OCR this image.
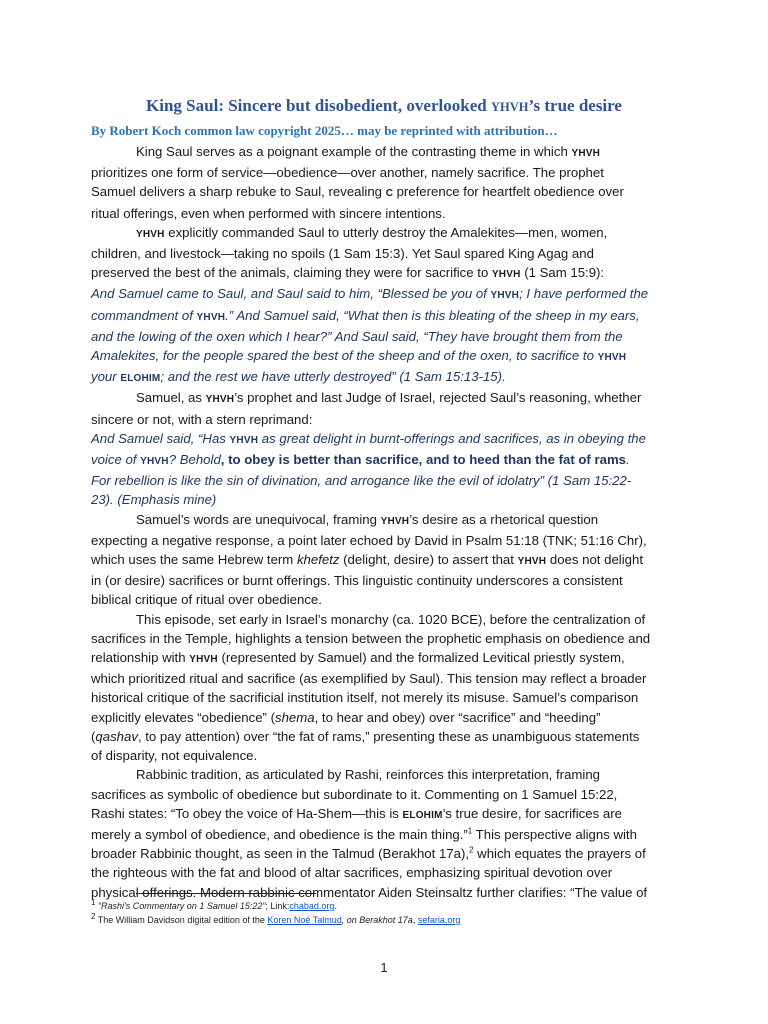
King Saul: Sincere but disobedient, overlooked YHVH’s true desire
By Robert Koch common law copyright 2025… may be reprinted with attribution…

King Saul serves as a poignant example of the contrasting theme in which YHVH prioritizes one form of service—obedience—over another, namely sacrifice. The prophet Samuel delivers a sharp rebuke to Saul, revealing C preference for heartfelt obedience over ritual offerings, even when performed with sincere intentions.

YHVH explicitly commanded Saul to utterly destroy the Amalekites—men, women, children, and livestock—taking no spoils (1 Sam 15:3). Yet Saul spared King Agag and preserved the best of the animals, claiming they were for sacrifice to YHVH (1 Sam 15:9):

And Samuel came to Saul, and Saul said to him, “Blessed be you of YHVH; I have performed the commandment of YHVH.” And Samuel said, “What then is this bleating of the sheep in my ears, and the lowing of the oxen which I hear?” And Saul said, “They have brought them from the Amalekites, for the people spared the best of the sheep and of the oxen, to sacrifice to YHVH your ELOHIM; and the rest we have utterly destroyed” (1 Sam 15:13-15).

Samuel, as YHVH’s prophet and last Judge of Israel, rejected Saul’s reasoning, whether sincere or not, with a stern reprimand:

And Samuel said, “Has YHVH as great delight in burnt-offerings and sacrifices, as in obeying the voice of YHVH? Behold, to obey is better than sacrifice, and to heed than the fat of rams. For rebellion is like the sin of divination, and arrogance like the evil of idolatry” (1 Sam 15:22-23). (Emphasis mine)

Samuel’s words are unequivocal, framing YHVH’s desire as a rhetorical question expecting a negative response, a point later echoed by David in Psalm 51:18 (TNK; 51:16 Chr), which uses the same Hebrew term khefetz (delight, desire) to assert that YHVH does not delight in (or desire) sacrifices or burnt offerings. This linguistic continuity underscores a consistent biblical critique of ritual over obedience.

This episode, set early in Israel’s monarchy (ca. 1020 BCE), before the centralization of sacrifices in the Temple, highlights a tension between the prophetic emphasis on obedience and relationship with YHVH (represented by Samuel) and the formalized Levitical priestly system, which prioritized ritual and sacrifice (as exemplified by Saul). This tension may reflect a broader historical critique of the sacrificial institution itself, not merely its misuse. Samuel’s comparison explicitly elevates “obedience” (shema, to hear and obey) over “sacrifice” and “heeding” (qashav, to pay attention) over “the fat of rams,” presenting these as unambiguous statements of disparity, not equivalence.

Rabbinic tradition, as articulated by Rashi, reinforces this interpretation, framing sacrifices as symbolic of obedience but subordinate to it. Commenting on 1 Samuel 15:22, Rashi states: “To obey the voice of Ha-Shem—this is ELOHIM’s true desire, for sacrifices are merely a symbol of obedience, and obedience is the main thing.”$^1$ This perspective aligns with broader Rabbinic thought, as seen in the Talmud (Berakhot 17a),$^2$ which equates the prayers of the righteous with the fat and blood of altar sacrifices, emphasizing spiritual devotion over physical offerings. Modern rabbinic commentator Aiden Steinsaltz further clarifies: “The value of

$^1$ “Rashi’s Commentary on 1 Samuel 15:22”; Link:chabad.org.
$^2$ The William Davidson digital edition of the Koren Noé Talmud, on Berakhot 17a, sefaria.org
1
